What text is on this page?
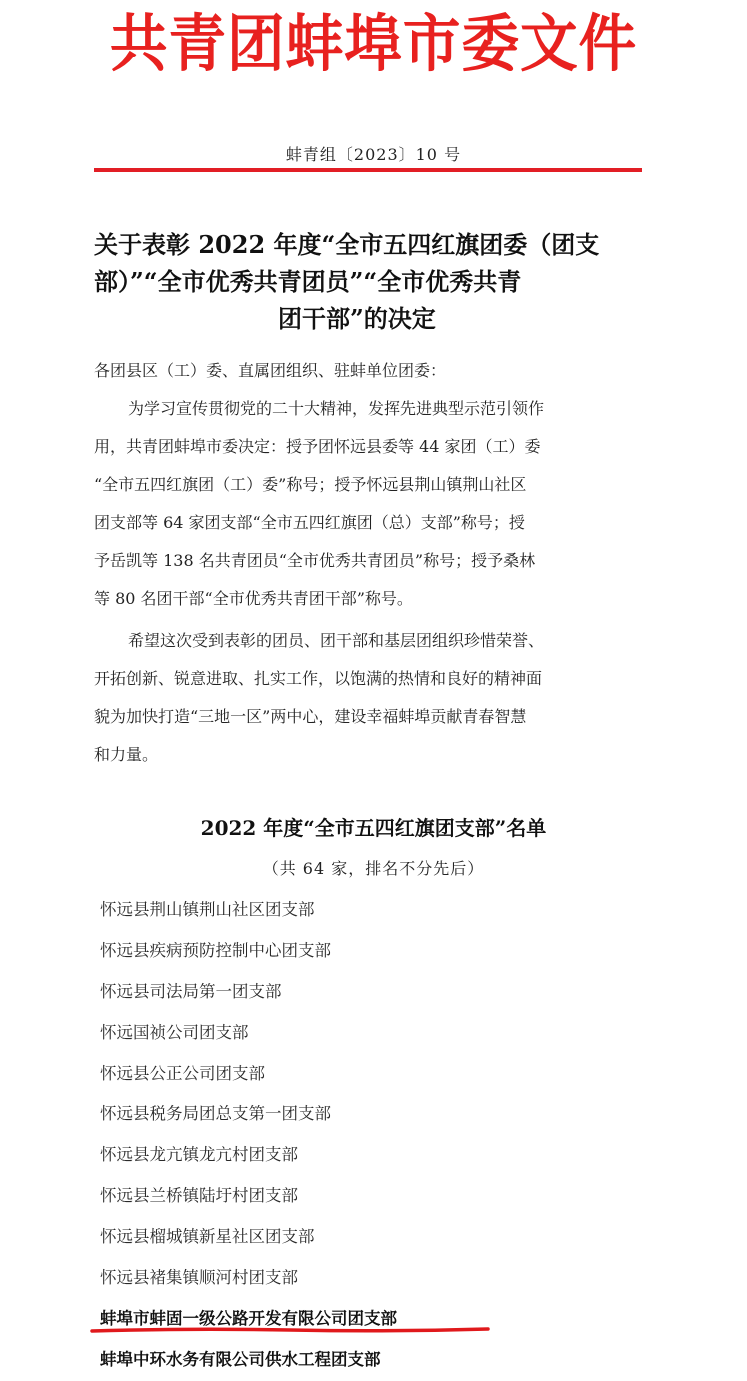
共青团蚌埠市委文件
蚌青组〔2023〕10 号
关于表彰 2022 年度“全市五四红旗团委（团支
部）”“全市优秀共青团员”“全市优秀共青
团干部”的决定
各团县区（工）委、直属团组织、驻蚌单位团委：
为学习宣传贯彻党的二十大精神，发挥先进典型示范引领作
用，共青团蚌埠市委决定：授予团怀远县委等 44 家团（工）委
“全市五四红旗团（工）委”称号；授予怀远县荆山镇荆山社区
团支部等 64 家团支部“全市五四红旗团（总）支部”称号；授
予岳凯等 138 名共青团员“全市优秀共青团员”称号；授予桑林
等 80 名团干部“全市优秀共青团干部”称号。
希望这次受到表彰的团员、团干部和基层团组织珍惜荣誉、
开拓创新、锐意进取、扎实工作，以饱满的热情和良好的精神面
貌为加快打造“三地一区”两中心，建设幸福蚌埠贡献青春智慧
和力量。
2022 年度“全市五四红旗团支部”名单
（共 64 家，排名不分先后）
怀远县荆山镇荆山社区团支部
怀远县疾病预防控制中心团支部
怀远县司法局第一团支部
怀远国祯公司团支部
怀远县公正公司团支部
怀远县税务局团总支第一团支部
怀远县龙亢镇龙亢村团支部
怀远县兰桥镇陆圩村团支部
怀远县榴城镇新星社区团支部
怀远县褚集镇顺河村团支部
蚌埠市蚌固一级公路开发有限公司团支部
蚌埠中环水务有限公司供水工程团支部
